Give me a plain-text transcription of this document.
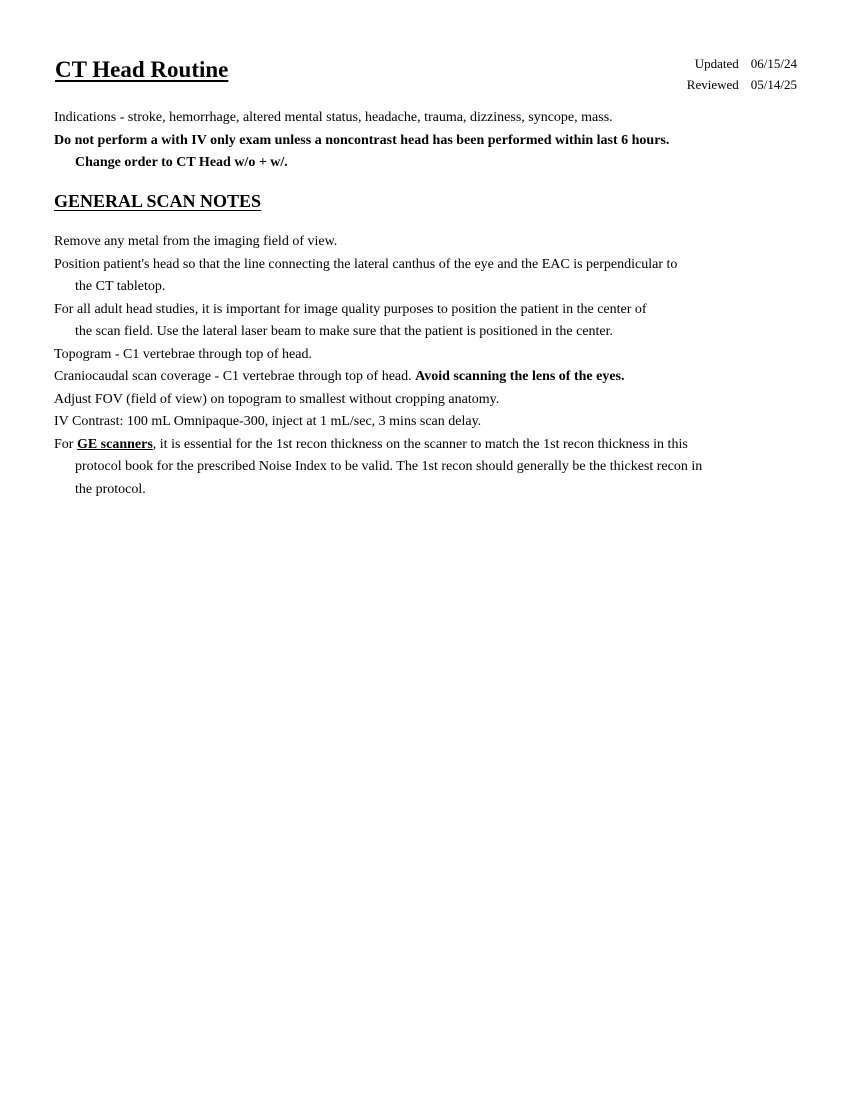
CT Head Routine	Updated	06/15/24
Reviewed	05/14/25

Indications - stroke, hemorrhage, altered mental status, headache, trauma, dizziness, syncope, mass.

Do not perform a with IV only exam unless a noncontrast head has been performed within last 6 hours.

Change order to CT Head w/o + w/.

GENERAL SCAN NOTES

Remove any metal from the imaging field of view.

Position patient's head so that the line connecting the lateral canthus of the eye and the EAC is perpendicular to

the CT tabletop.

For all adult head studies, it is important for image quality purposes to position the patient in the center of

the scan field. Use the lateral laser beam to make sure that the patient is positioned in the center.

Topogram - C1 vertebrae through top of head.

Craniocaudal scan coverage - C1 vertebrae through top of head. Avoid scanning the lens of the eyes.

Adjust FOV (field of view) on topogram to smallest without cropping anatomy.

IV Contrast: 100 mL Omnipaque-300, inject at 1 mL/sec, 3 mins scan delay.

For GE scanners, it is essential for the 1st recon thickness on the scanner to match the 1st recon thickness in this

protocol book for the prescribed Noise Index to be valid. The 1st recon should generally be the thickest recon in

the protocol.
